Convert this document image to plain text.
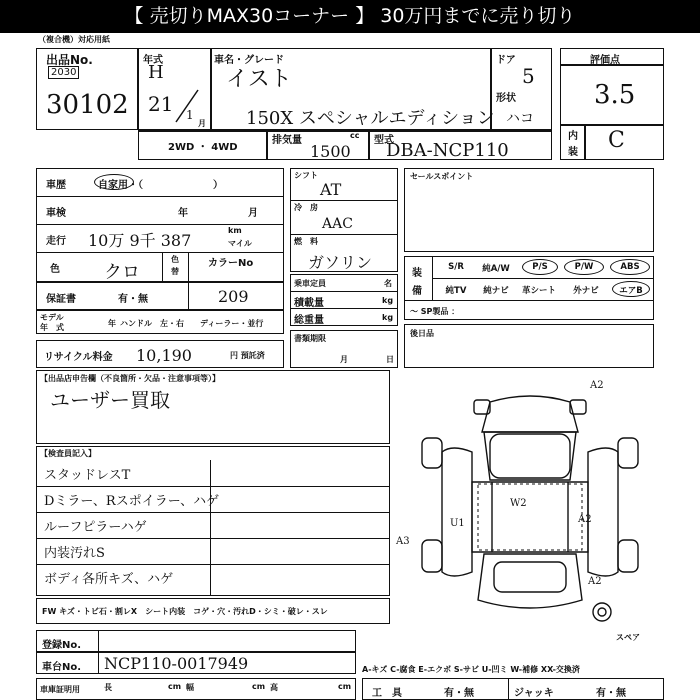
【 売切りMAX30コーナー 】 30万円までに売り切り
（複合機）対応用紙
出品No.
2030
30102
年式
H
21 1
月
車名・グレード
イスト
150X スペシャルエディション
ドア
5
形状
ハコ
2WD ・ 4WD
排気量	cc
1500
型式
DBA-NCP110
評価点
3.5
内
装 C
車歴	自家用・（　　　　　　　）
車検	年	月
走行 10万 9千 387
km
マイル
色 クロ
色
替
カラーNo
209
保証書	有・無
モデル
年　式	年 ハンドル　左・右 ディーラー・並行
シフト
AT
冷　房
AAC
燃　料
ガソリン
乗車定員	名
積載量	kg
総重量	kg
書類期限
月	日
セールスポイント
装
備
S/R	純A/W	P/S	P/W	ABS
純TV	純ナビ	革シート	外ナビ	エアB
〜 SP製品 ：
後日品
リサイクル料金 10,190	円 預託済
【出品店申告欄（不良箇所・欠品・注意事項等）】
ユーザー買取
【検査員記入】
スタッドレスT
Dミラー、Rスポイラー、ハゲ
ルーフピラーハゲ
内装汚れS
ボディ各所キズ、ハゲ
A2
W2
U1	A2
A3
A2
スペア
FW キズ・トビ石・割レX　シート内装　コゲ・穴・汚れD・シミ・破レ・スレ
登録No.
車台No. NCP110-0017949	A-キズ C-腐食 E-エクボ S-サビ U-凹ミ W-補修 XX-交換済
車庫証明用	長	cm 幅	cm 高	cm
工　具	有・無	ジャッキ	有・無
